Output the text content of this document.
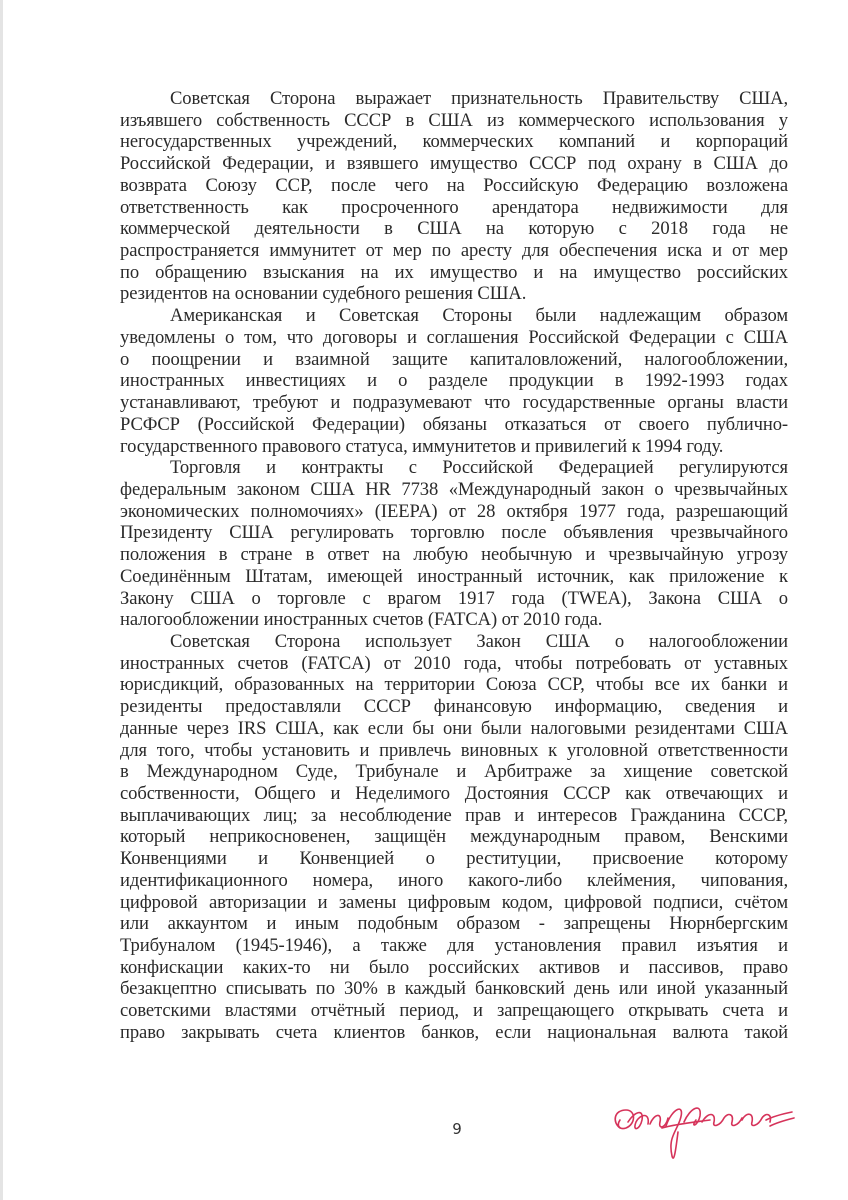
Советская Сторона выражает признательность Правительству США,
изъявшего собственность СССР в США из коммерческого использования у
негосударственных учреждений, коммерческих компаний и корпораций
Российской Федерации, и взявшего имущество СССР под охрану в США до
возврата Союзу ССР, после чего на Российскую Федерацию возложена
ответственность как просроченного арендатора недвижимости для
коммерческой деятельности в США на которую с 2018 года не
распространяется иммунитет от мер по аресту для обеспечения иска и от мер
по обращению взыскания на их имущество и на имущество российских
резидентов на основании судебного решения США.
Американская и Советская Стороны были надлежащим образом
уведомлены о том, что договоры и соглашения Российской Федерации с США
о поощрении и взаимной защите капиталовложений, налогообложении,
иностранных инвестициях и о разделе продукции в 1992-1993 годах
устанавливают, требуют и подразумевают что государственные органы власти
РСФСР (Российской Федерации) обязаны отказаться от своего публично-
государственного правового статуса, иммунитетов и привилегий к 1994 году.
Торговля и контракты с Российской Федерацией регулируются
федеральным законом США HR 7738 «Международный закон о чрезвычайных
экономических полномочиях» (IEEPA) от 28 октября 1977 года, разрешающий
Президенту США регулировать торговлю после объявления чрезвычайного
положения в стране в ответ на любую необычную и чрезвычайную угрозу
Соединённым Штатам, имеющей иностранный источник, как приложение к
Закону США о торговле с врагом 1917 года (TWEA), Закона США о
налогообложении иностранных счетов (FATCA) от 2010 года.
Советская Сторона использует Закон США о налогообложении
иностранных счетов (FATCA) от 2010 года, чтобы потребовать от уставных
юрисдикций, образованных на территории Союза ССР, чтобы все их банки и
резиденты предоставляли СССР финансовую информацию, сведения и
данные через IRS США, как если бы они были налоговыми резидентами США
для того, чтобы установить и привлечь виновных к уголовной ответственности
в Международном Суде, Трибунале и Арбитраже за хищение советской
собственности, Общего и Неделимого Достояния СССР как отвечающих и
выплачивающих лиц; за несоблюдение прав и интересов Гражданина СССР,
который неприкосновенен, защищён международным правом, Венскими
Конвенциями и Конвенцией о реституции, присвоение которому
идентификационного номера, иного какого-либо клеймения, чипования,
цифровой авторизации и замены цифровым кодом, цифровой подписи, счётом
или аккаунтом и иным подобным образом - запрещены Нюрнбергским
Трибуналом (1945-1946), а также для установления правил изъятия и
конфискации каких-то ни было российских активов и пассивов, право
безакцептно списывать по 30% в каждый банковский день или иной указанный
советскими властями отчётный период, и запрещающего открывать счета и
право закрывать счета клиентов банков, если национальная валюта такой
9
